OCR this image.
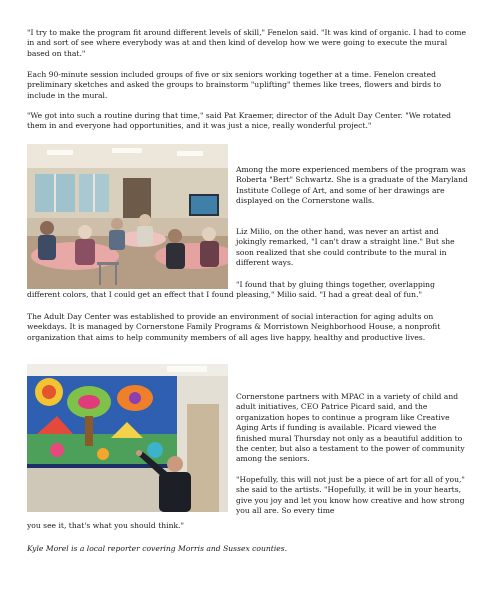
"I try to make the program fit around different levels of skill," Fenelon said. "It was kind of organic. I had to come in and sort of see where everybody was at and then kind of develop how we were going to execute the mural based on that."

Each 90-minute session included groups of five or six seniors working together at a time. Fenelon created preliminary sketches and asked the groups to brainstorm "uplifting" themes like trees, flowers and birds to include in the mural.

"We got into such a routine during that time," said Pat Kraemer, director of the Adult Day Center. "We rotated them in and everyone had opportunities, and it was just a nice, really wonderful project."

Among the more experienced members of the program was Roberta "Bert" Schwartz. She is a graduate of the Maryland Institute College of Art, and some of her drawings are displayed on the Cornerstone walls.

Liz Milio, on the other hand, was never an artist and jokingly remarked, "I can't draw a straight line." But she soon realized that she could contribute to the mural in different ways.

"I found that by gluing things together, overlapping

different colors, that I could get an effect that I found pleasing," Milio said. "I had a great deal of fun."

The Adult Day Center was established to provide an environment of social interaction for aging adults on weekdays. It is managed by Cornerstone Family Programs & Morristown Neighborhood House, a nonprofit organization that aims to help community members of all ages live happy, healthy and productive lives.

Cornerstone partners with MPAC in a variety of child and adult initiatives, CEO Patrice Picard said, and the organization hopes to continue a program like Creative Aging Arts if funding is available. Picard viewed the finished mural Thursday not only as a beautiful addition to the center, but also a testament to the power of community among the seniors.

"Hopefully, this will not just be a piece of art for all of you," she said to the artists. "Hopefully, it will be in your hearts, give you joy and let you know how creative and how strong you all are. So every time

you see it, that's what you should think."

Kyle Morel is a local reporter covering Morris and Sussex counties.
